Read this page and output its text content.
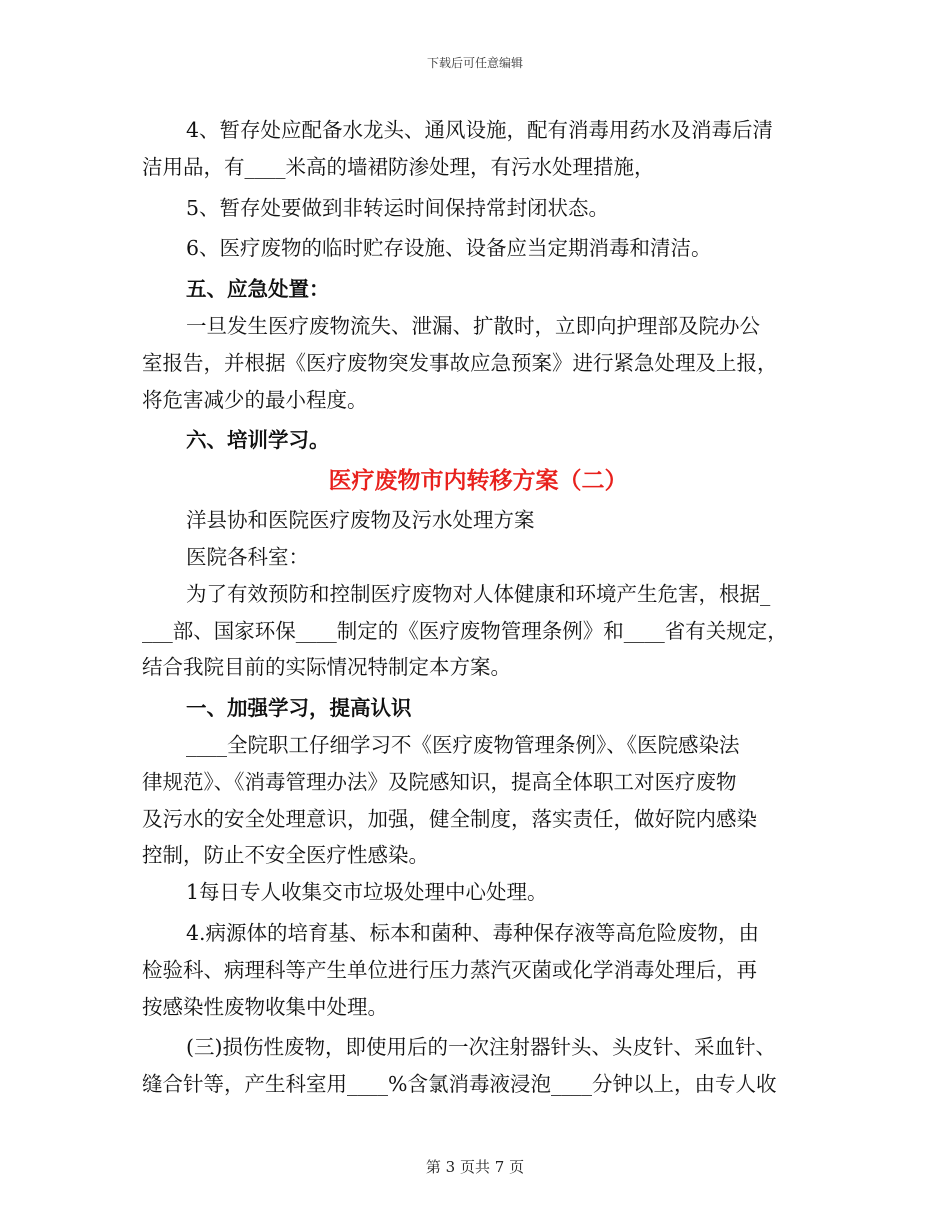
下载后可任意编辑
4、暂存处应配备水龙头、通风设施，配有消毒用药水及消毒后清
洁用品，有____米高的墙裙防渗处理，有污水处理措施，
5、暂存处要做到非转运时间保持常封闭状态。
6、医疗废物的临时贮存设施、设备应当定期消毒和清洁。
五、应急处置：
一旦发生医疗废物流失、泄漏、扩散时，立即向护理部及院办公
室报告，并根据《医疗废物突发事故应急预案》进行紧急处理及上报，
将危害减少的最小程度。
六、培训学习。
医疗废物市内转移方案（二）
洋县协和医院医疗废物及污水处理方案
医院各科室：
为了有效预防和控制医疗废物对人体健康和环境产生危害，根据_
___部、国家环保____制定的《医疗废物管理条例》和____省有关规定，
结合我院目前的实际情况特制定本方案。
一、加强学习，提高认识
____全院职工仔细学习不《医疗废物管理条例》、《医院感染法
律规范》、《消毒管理办法》及院感知识，提高全体职工对医疗废物
及污水的安全处理意识，加强，健全制度，落实责任，做好院内感染
控制，防止不安全医疗性感染。
1每日专人收集交市垃圾处理中心处理。
4.病源体的培育基、标本和菌种、毒种保存液等高危险废物，由
检验科、病理科等产生单位进行压力蒸汽灭菌或化学消毒处理后，再
按感染性废物收集中处理。
(三)损伤性废物，即使用后的一次注射器针头、头皮针、采血针、
缝合针等，产生科室用____%含氯消毒液浸泡____分钟以上，由专人收
第 3 页共 7 页
